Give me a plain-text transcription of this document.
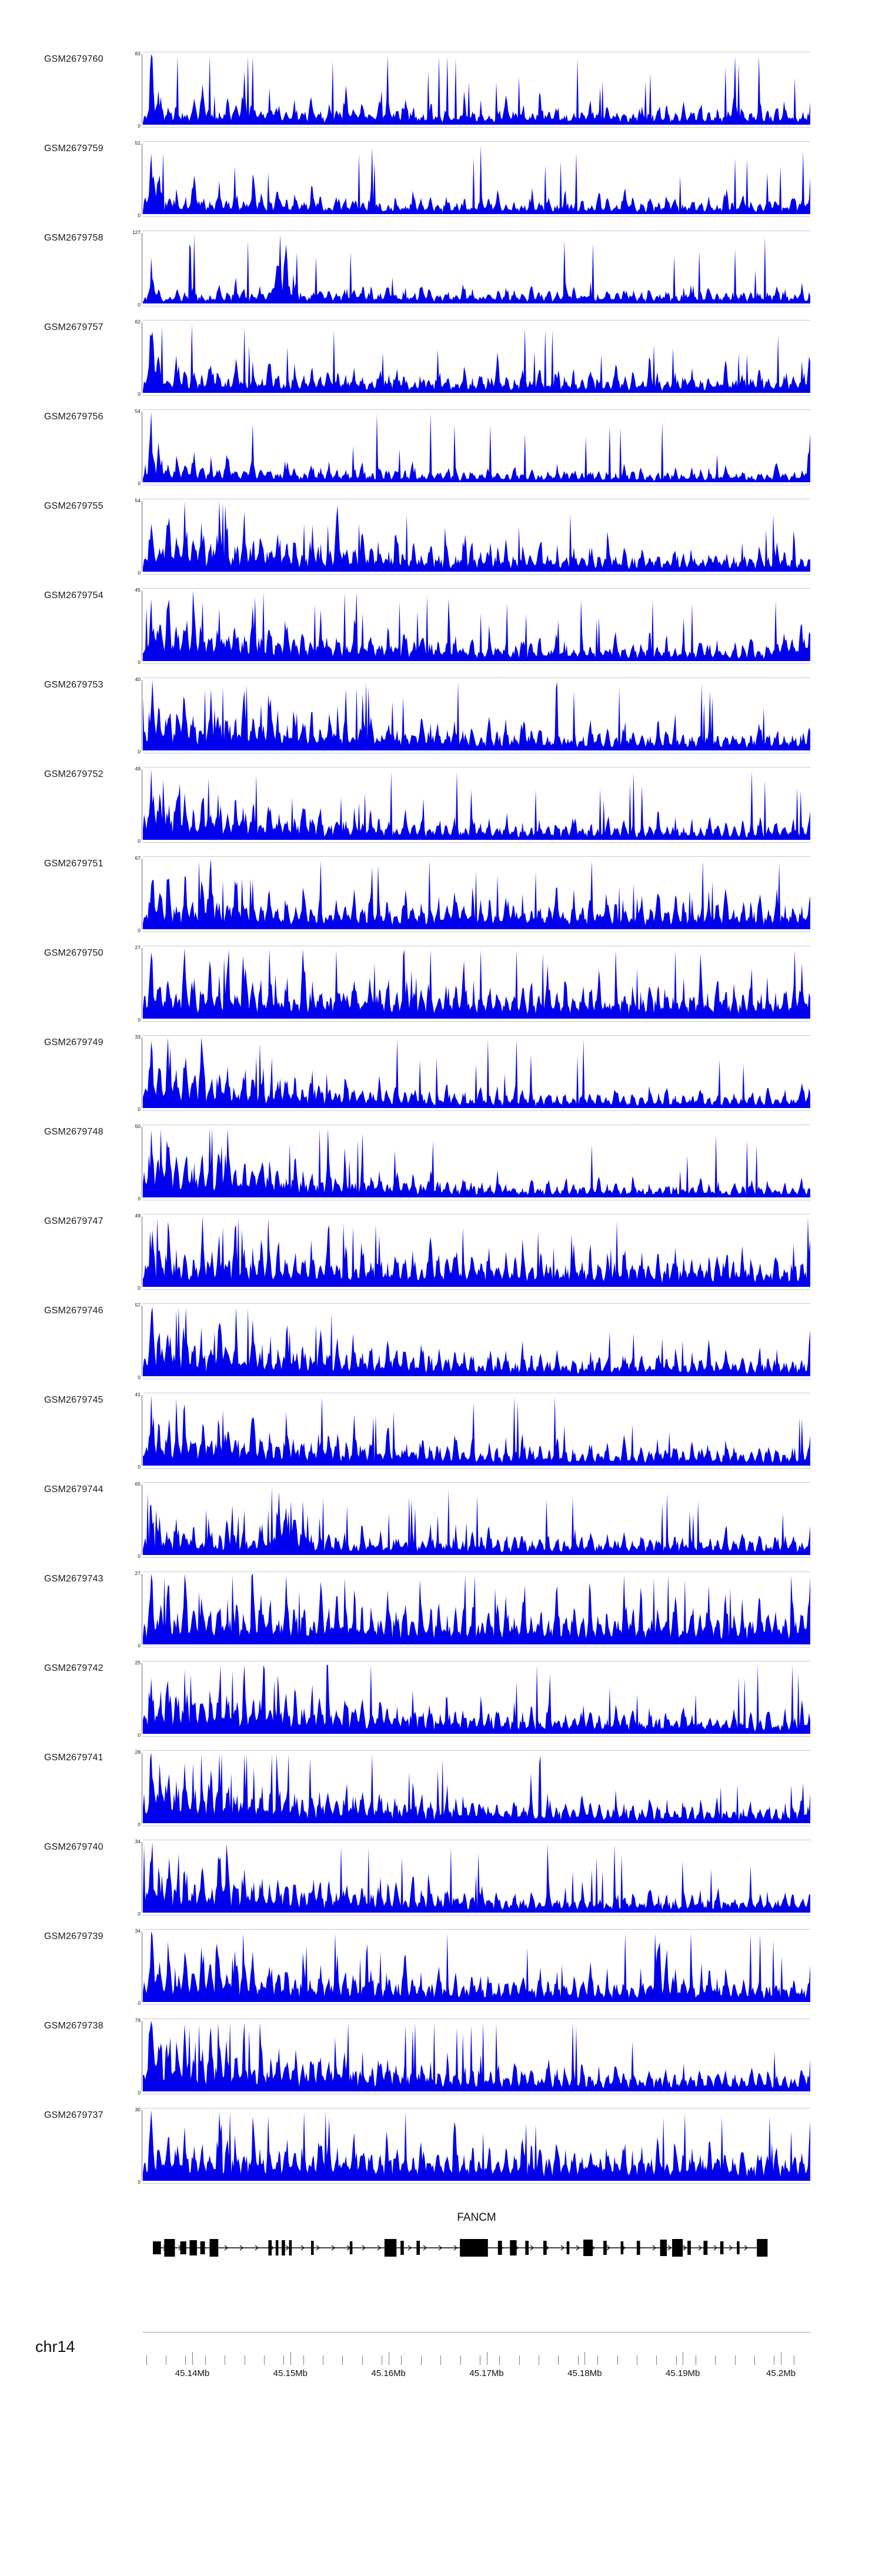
GSM2679760
83
0
GSM2679759
51
0
GSM2679758
127
0
GSM2679757
62
0
GSM2679756
54
0
GSM2679755
54
0
GSM2679754
45
0
GSM2679753
40
0
GSM2679752
49
0
GSM2679751
67
0
GSM2679750
27
0
GSM2679749
33
0
GSM2679748
50
0
GSM2679747
49
0
GSM2679746
57
0
GSM2679745
41
0
GSM2679744
65
0
GSM2679743
27
0
GSM2679742
25
0
GSM2679741
28
0
GSM2679740
34
0
GSM2679739
34
0
GSM2679738
79
0
GSM2679737
30
0
FANCM
chr14
45.14Mb	45.15Mb	45.16Mb	45.17Mb	45.18Mb	45.19Mb	45.2Mb
